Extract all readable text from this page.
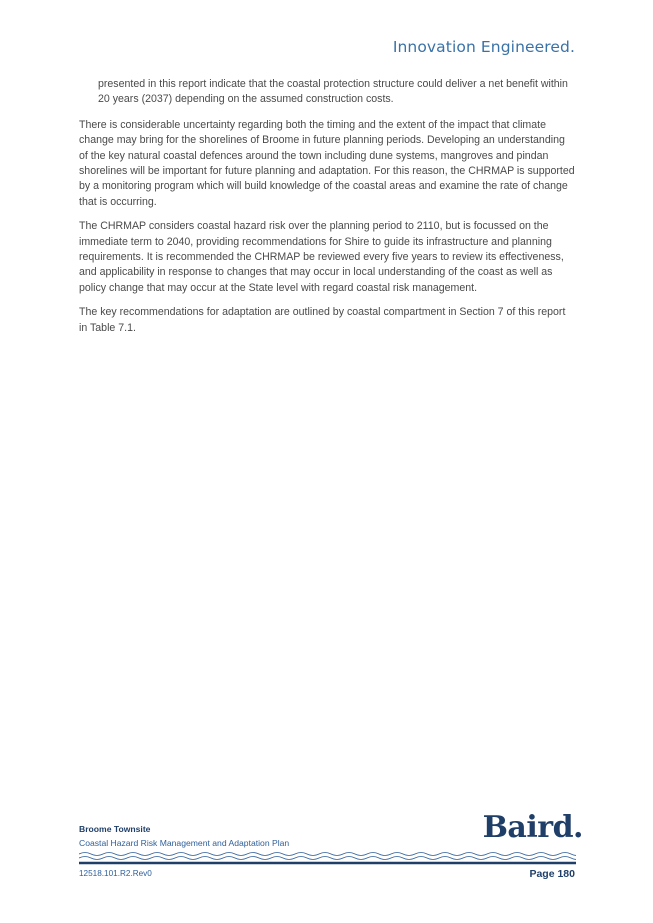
Innovation Engineered.

presented in this report indicate that the coastal protection structure could deliver a net benefit within 20 years (2037) depending on the assumed construction costs.

There is considerable uncertainty regarding both the timing and the extent of the impact that climate change may bring for the shorelines of Broome in future planning periods. Developing an understanding of the key natural coastal defences around the town including dune systems, mangroves and pindan shorelines will be important for future planning and adaptation. For this reason, the CHRMAP is supported by a monitoring program which will build knowledge of the coastal areas and examine the rate of change that is occurring.

The CHRMAP considers coastal hazard risk over the planning period to 2110, but is focussed on the immediate term to 2040, providing recommendations for Shire to guide its infrastructure and planning requirements. It is recommended the CHRMAP be reviewed every five years to review its effectiveness, and applicability in response to changes that may occur in local understanding of the coast as well as policy change that may occur at the State level with regard coastal risk management.

The key recommendations for adaptation are outlined by coastal compartment in Section 7 of this report in Table 7.1.

Broome Townsite
Coastal Hazard Risk Management and Adaptation Plan	Baird.
12518.101.R2.Rev0	Page 180
